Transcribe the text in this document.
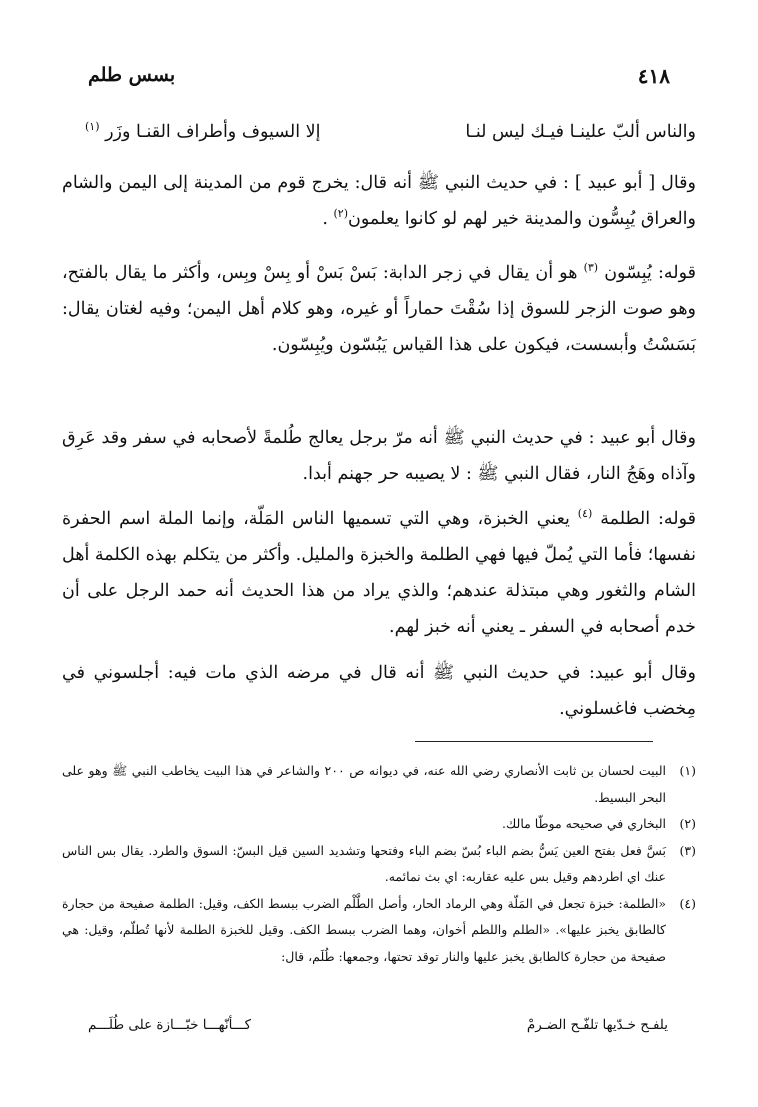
٤١٨
بسس طلم
والناس ألبّ علينـا فيـك ليس لنـا
إلا السيوف وأطراف القنـا وزَر $^{(١)}$

وقال [ أبو عبيد ] : في حديث النبي ﷺ أنه قال: يخرج قوم من المدينة إلى اليمن والشام والعراق يُبِسُّون والمدينة خير لهم لو كانوا يعلمون$^{(٢)}$ .

قوله: يُبِسّون $^{(٣)}$ هو أن يقال في زجر الدابة: بَسْ بَسْ أو بِسْ وبِس، وأكثر ما يقال بالفتح، وهو صوت الزجر للسوق إذا سُقْتَ حماراً أو غيره، وهو كلام أهل اليمن؛ وفيه لغتان يقال: بَسَسْتُ وأبسست، فيكون على هذا القياس يَبُسّون ويُبِسّون.

وقال أبو عبيد : في حديث النبي ﷺ أنه مرّ برجل يعالج طُلمةً لأصحابه في سفر وقد عَرِق وآذاه وهَجُ النار، فقال النبي ﷺ : لا يصيبه حر جهنم أبدا.

قوله: الطلمة $^{(٤)}$ يعني الخبزة، وهي التي تسميها الناس المَلّة، وإنما الملة اسم الحفرة نفسها؛ فأما التي يُملّ فيها فهي الطلمة والخبزة والمليل. وأكثر من يتكلم بهذه الكلمة أهل الشام والثغور وهي مبتذلة عندهم؛ والذي يراد من هذا الحديث أنه حمد الرجل على أن خدم أصحابه في السفر ـ يعني أنه خبز لهم.

وقال أبو عبيد: في حديث النبي ﷺ أنه قال في مرضه الذي مات فيه: أجلسوني في مِخضب فاغسلوني.

(١)
البيت لحسان بن ثابت الأنصاري رضي الله عنه، في ديوانه ص ٢٠٠ والشاعر في هذا البيت يخاطب النبي ﷺ وهو على البحر البسيط.

(٢)
البخاري في صحيحه موطّا مالك.

(٣)
بَسَّ فعل بفتح العين يَسُّ بضم الباء بُسّ بضم الباء وفتحها وتشديد السين قيل البسّ: السوق والطرد. يقال بس الناس عنك اي اطردهم وقيل بس عليه عقاربه: اي بث نمائمه.

(٤)
«الطلمة: خبزة تجعل في المَلّة وهي الرماد الحار، وأصل الطَّلْم الضرب ببسط الكف، وقيل: الطلمة صفيحة من حجارة كالطابق يخبز عليها». «الطلم واللطم أخوان، وهما الضرب ببسط الكف. وقيل للخبزة الطلمة لأنها تُطلّم، وقيل: هي صفيحة من حجارة كالطابق يخبز عليها والنار توقد تحتها، وجمعها: طُلَم، قال:

يلفـح خـدّيها تلفّـح الضـرمْ
كـــأنّهـــا خبّـــازة على طُلَـــم
